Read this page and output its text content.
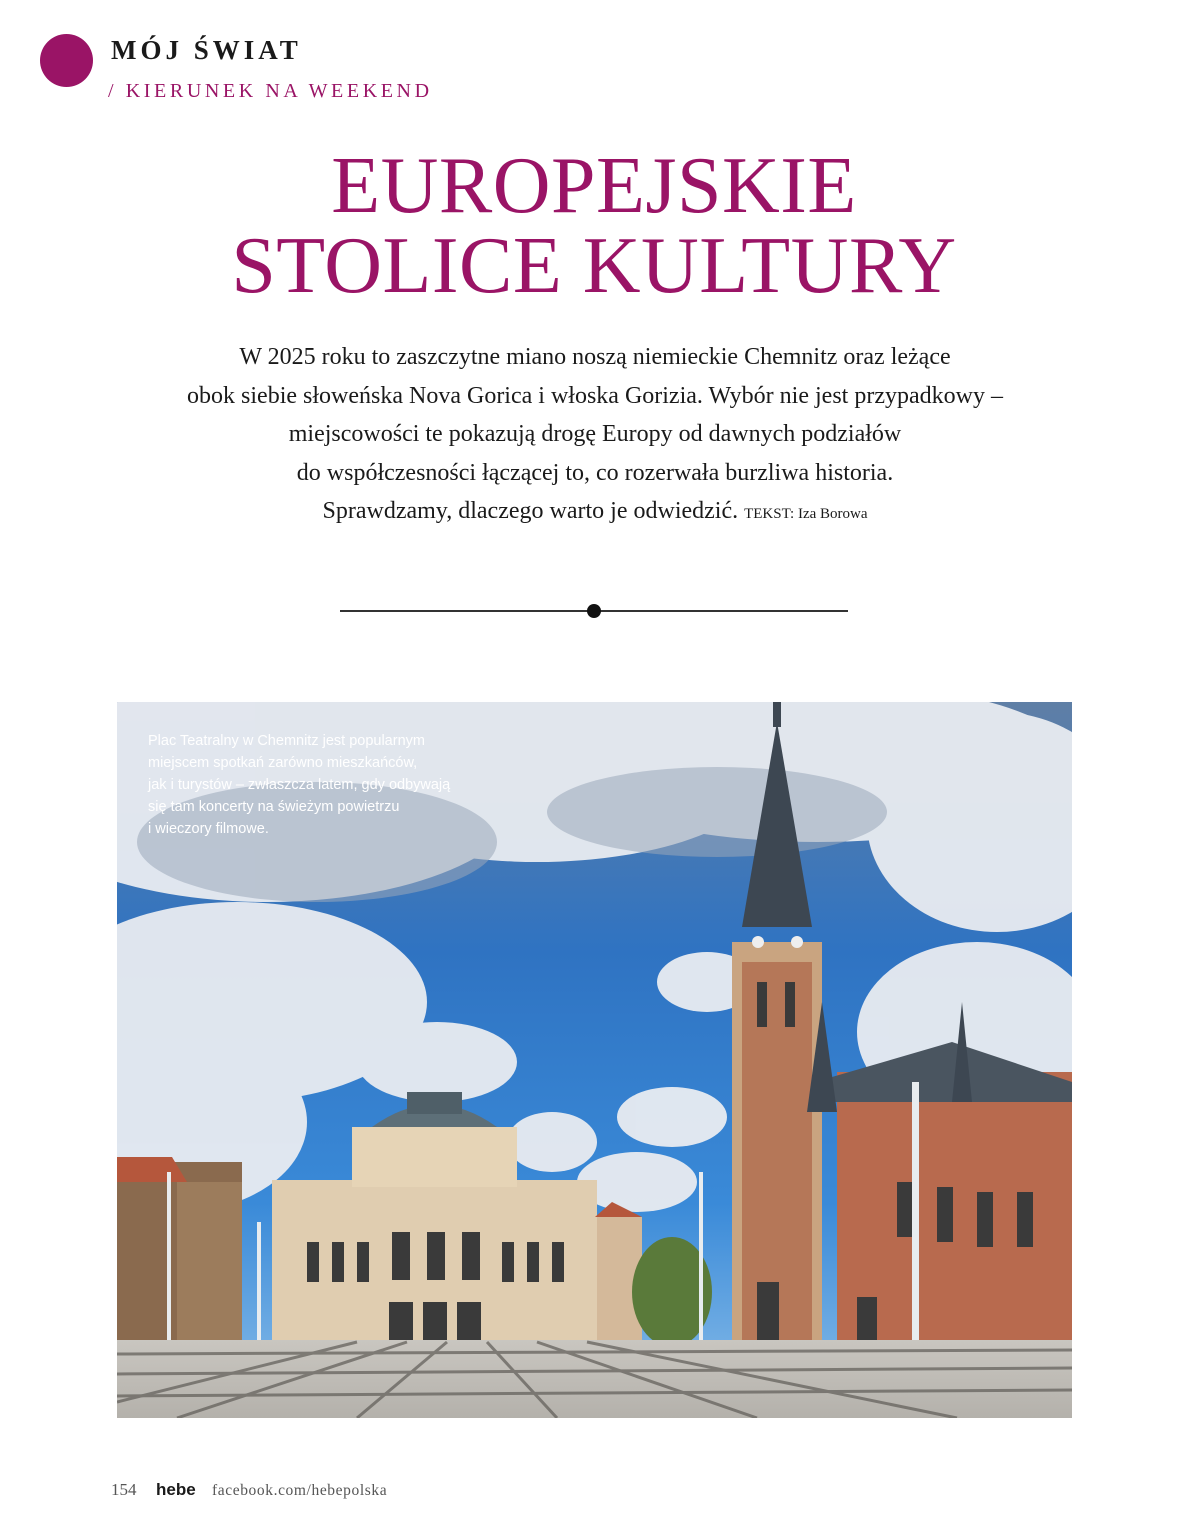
MÓJ ŚWIAT
/ KIERUNEK NA WEEKEND
EUROPEJSKIE
STOLICE KULTURY
W 2025 roku to zaszczytne miano noszą niemieckie Chemnitz oraz leżące
obok siebie słoweńska Nova Gorica i włoska Gorizia. Wybór nie jest przypadkowy –
miejscowości te pokazują drogę Europy od dawnych podziałów
do współczesności łączącej to, co rozerwała burzliwa historia.
Sprawdzamy, dlaczego warto je odwiedzić. TEKST: Iza Borowa
Plac Teatralny w Chemnitz jest popularnym
miejscem spotkań zarówno mieszkańców,
jak i turystów – zwłaszcza latem, gdy odbywają
się tam koncerty na świeżym powietrzu
i wieczory filmowe.
154 hebe facebook.com/hebepolska
